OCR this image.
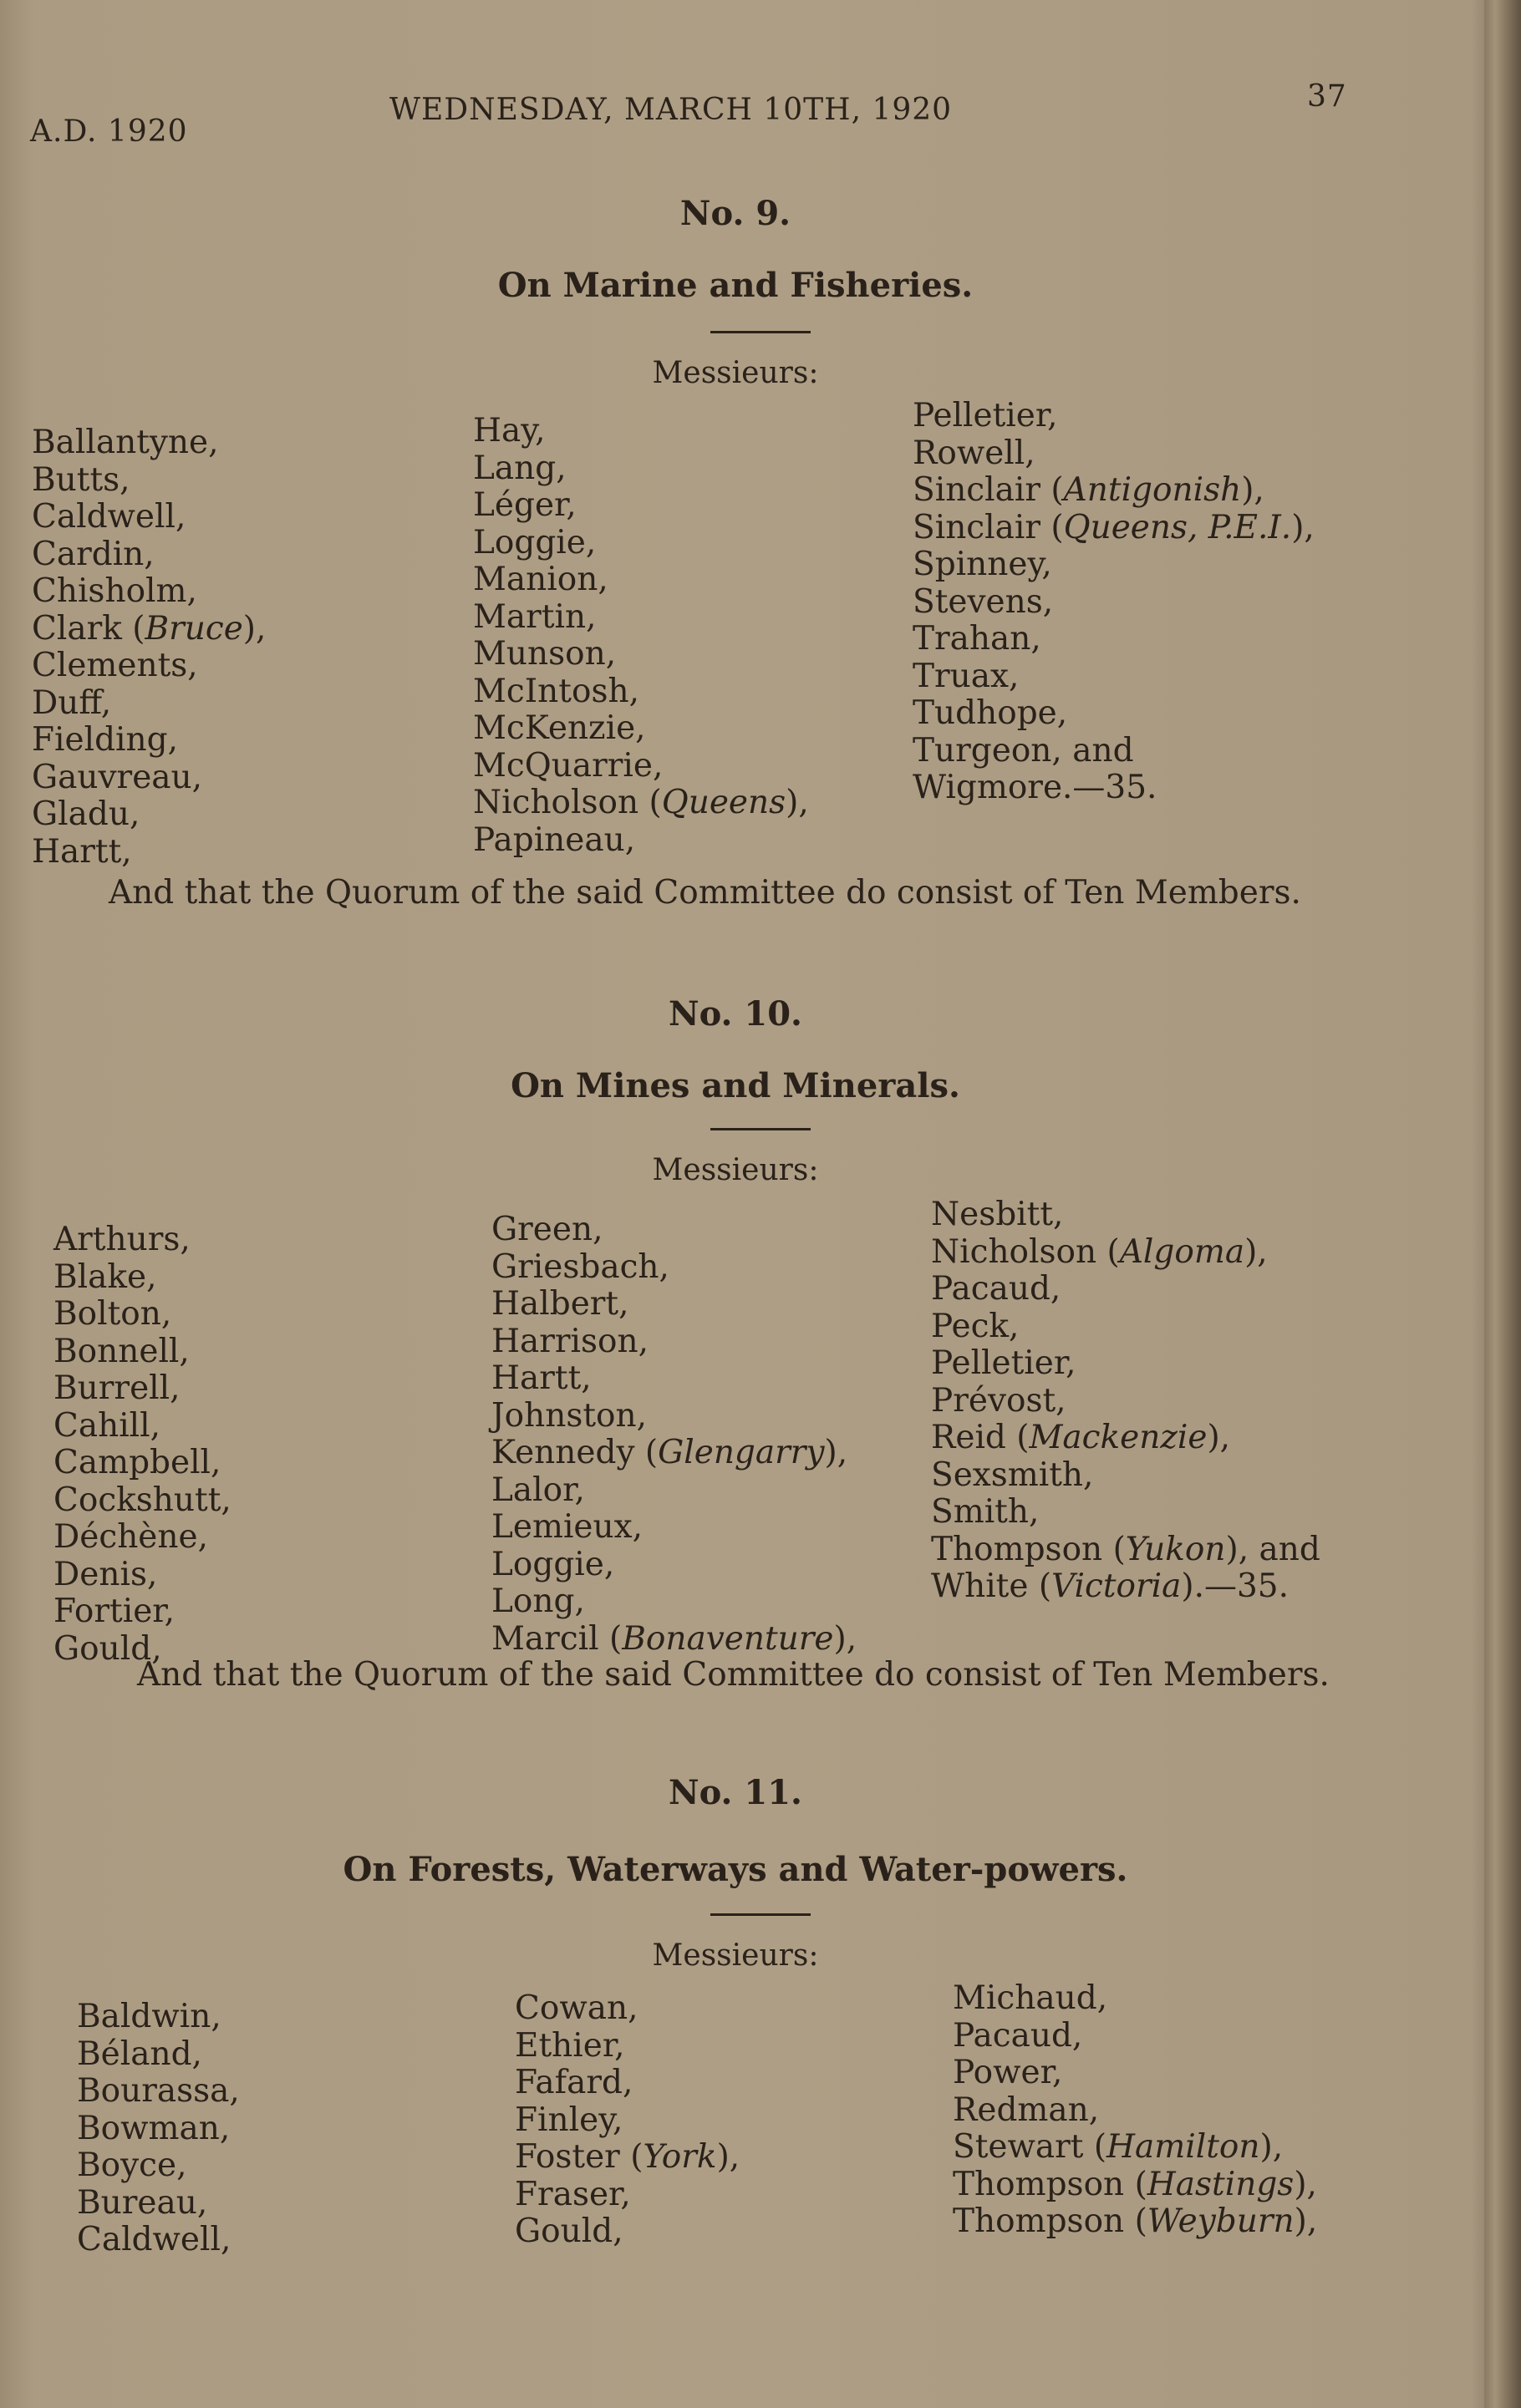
A.D. 1920
WEDNESDAY, MARCH 10TH, 1920	37
No. 9.
On Marine and Fisheries.
Messieurs:
Ballantyne,
Butts,
Caldwell,
Cardin,
Chisholm,
Clark (Bruce),
Clements,
Duff,
Fielding,
Gauvreau,
Gladu,
Hartt,
Hay,
Lang,
Léger,
Loggie,
Manion,
Martin,
Munson,
McIntosh,
McKenzie,
McQuarrie,
Nicholson (Queens),
Papineau,
Pelletier,
Rowell,
Sinclair (Antigonish),
Sinclair (Queens, P.E.I.),
Spinney,
Stevens,
Trahan,
Truax,
Tudhope,
Turgeon, and
Wigmore.—35.
And that the Quorum of the said Committee do consist of Ten Members.
No. 10.
On Mines and Minerals.
Messieurs:
Arthurs,
Blake,
Bolton,
Bonnell,
Burrell,
Cahill,
Campbell,
Cockshutt,
Déchène,
Denis,
Fortier,
Gould,
Green,
Griesbach,
Halbert,
Harrison,
Hartt,
Johnston,
Kennedy (Glengarry),
Lalor,
Lemieux,
Loggie,
Long,
Marcil (Bonaventure),
Nesbitt,
Nicholson (Algoma),
Pacaud,
Peck,
Pelletier,
Prévost,
Reid (Mackenzie),
Sexsmith,
Smith,
Thompson (Yukon), and
White (Victoria).—35.
And that the Quorum of the said Committee do consist of Ten Members.
No. 11.
On Forests, Waterways and Water-powers.
Messieurs:
Baldwin,
Béland,
Bourassa,
Bowman,
Boyce,
Bureau,
Caldwell,
Cowan,
Ethier,
Fafard,
Finley,
Foster (York),
Fraser,
Gould,
Michaud,
Pacaud,
Power,
Redman,
Stewart (Hamilton),
Thompson (Hastings),
Thompson (Weyburn),
